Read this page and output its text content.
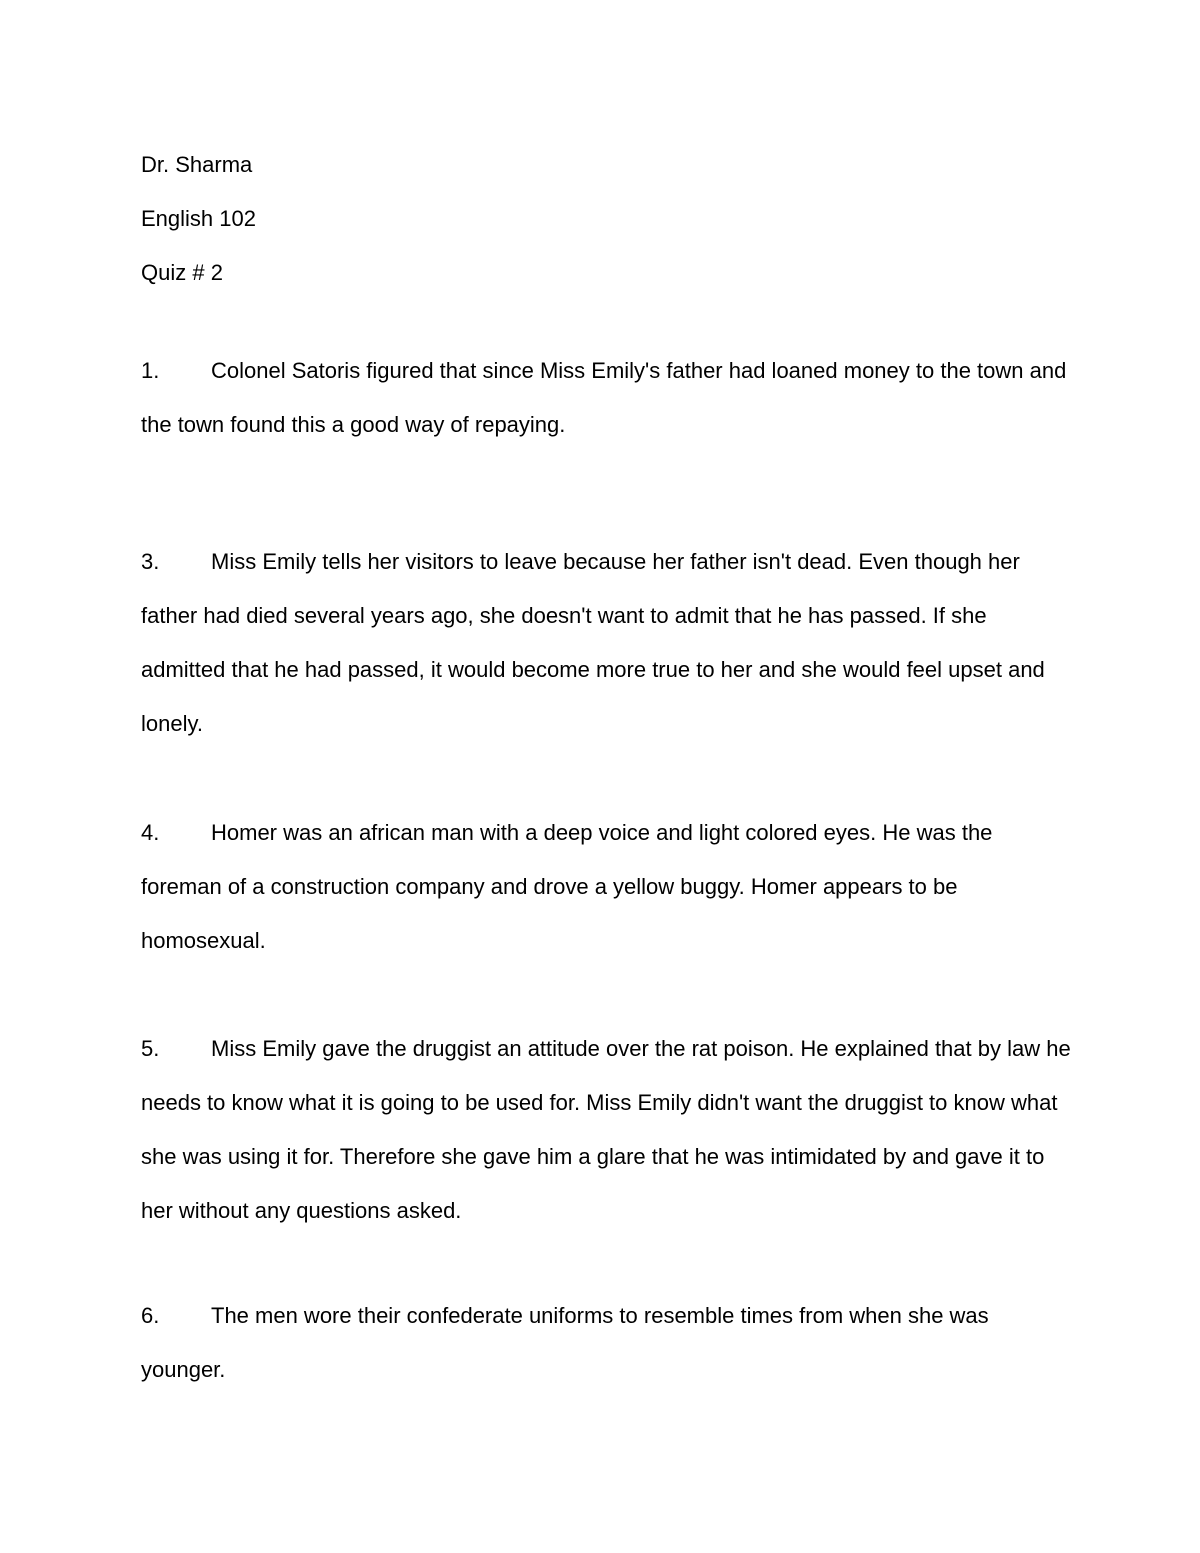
Dr. Sharma
English 102
Quiz # 2

1. Colonel Satoris figured that since Miss Emily's father had loaned money to the town and the town found this a good way of repaying.

3. Miss Emily tells her visitors to leave because her father isn't dead. Even though her father had died several years ago, she doesn't want to admit that he has passed. If she admitted that he had passed, it would become more true to her and she would feel upset and lonely.

4. Homer was an african man with a deep voice and light colored eyes. He was the foreman of a construction company and drove a yellow buggy. Homer appears to be homosexual.

5. Miss Emily gave the druggist an attitude over the rat poison. He explained that by law he needs to know what it is going to be used for. Miss Emily didn't want the druggist to know what she was using it for. Therefore she gave him a glare that he was intimidated by and gave it to her without any questions asked.

6. The men wore their confederate uniforms to resemble times from when she was younger.
